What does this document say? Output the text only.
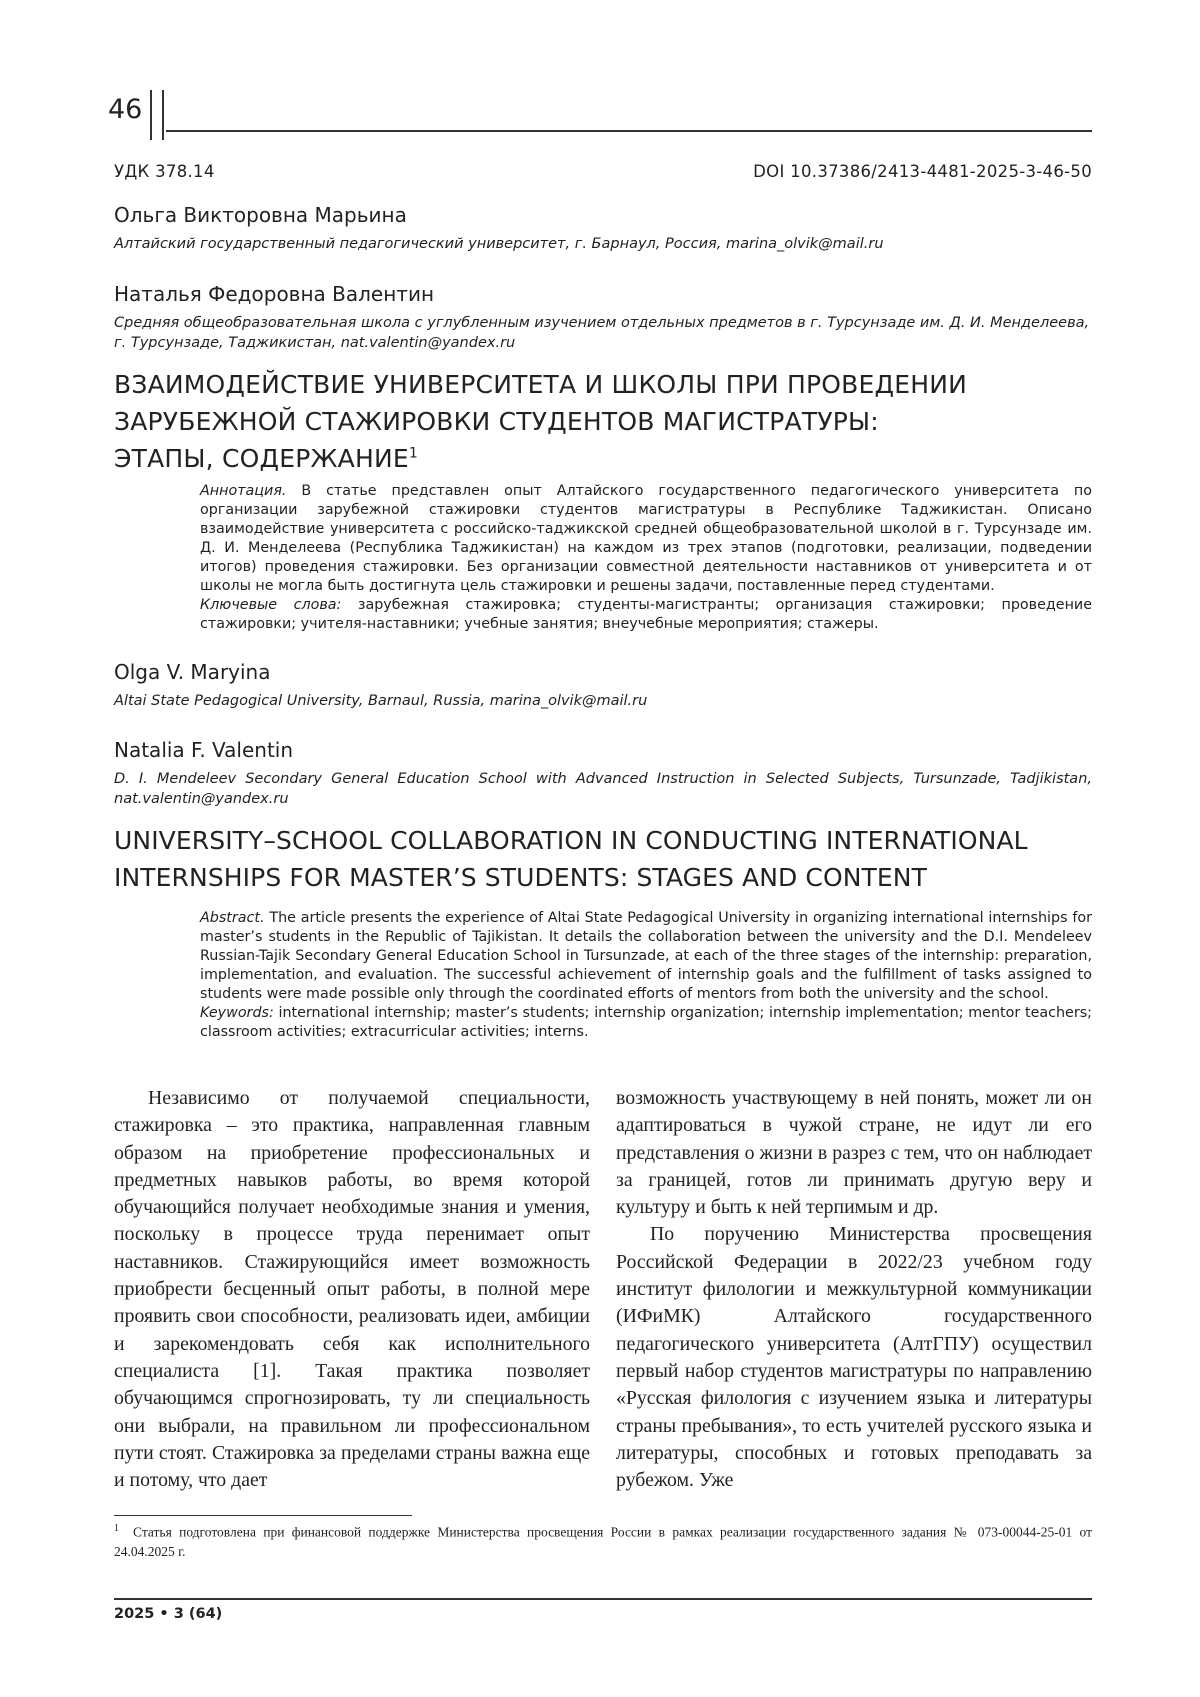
46
УДК 378.14	DOI 10.37386/2413-4481-2025-3-46-50
Ольга Викторовна Марьина
Алтайский государственный педагогический университет, г. Барнаул, Россия, marina_olvik@mail.ru
Наталья Федоровна Валентин
Средняя общеобразовательная школа с углубленным изучением отдельных предметов в г. Турсунзаде им. Д. И. Менделеева, г. Турсунзаде, Таджикистан, nat.valentin@yandex.ru
ВЗАИМОДЕЙСТВИЕ УНИВЕРСИТЕТА И ШКОЛЫ ПРИ ПРОВЕДЕНИИ
ЗАРУБЕЖНОЙ СТАЖИРОВКИ СТУДЕНТОВ МАГИСТРАТУРЫ:
ЭТАПЫ, СОДЕРЖАНИЕ$^1$
Аннотация. В статье представлен опыт Алтайского государственного педагогического университета по организации зарубежной стажировки студентов магистратуры в Республике Таджикистан. Описано взаимодействие университета с российско-таджикской средней общеобразовательной школой в г. Турсунзаде им. Д. И. Менделеева (Республика Таджикистан) на каждом из трех этапов (подготовки, реализации, подведении итогов) проведения стажировки. Без организации совместной деятельности наставников от университета и от школы не могла быть достигнута цель стажировки и решены задачи, поставленные перед студентами.
Ключевые слова: зарубежная стажировка; студенты-магистранты; организация стажировки; проведение стажировки; учителя-наставники; учебные занятия; внеучебные мероприятия; стажеры.
Olga V. Maryina
Altai State Pedagogical University, Barnaul, Russia, marina_olvik@mail.ru
Natalia F. Valentin
D. I. Mendeleev Secondary General Education School with Advanced Instruction in Selected Subjects, Tursunzade, Tadjikistan, nat.valentin@yandex.ru
UNIVERSITY–SCHOOL COLLABORATION IN CONDUCTING INTERNATIONAL
INTERNSHIPS FOR MASTER’S STUDENTS: STAGES AND CONTENT
Abstract. The article presents the experience of Altai State Pedagogical University in organizing international internships for master’s students in the Republic of Tajikistan. It details the collaboration between the university and the D.I. Mendeleev Russian-Tajik Secondary General Education School in Tursunzade, at each of the three stages of the internship: preparation, implementation, and evaluation. The successful achievement of internship goals and the fulfillment of tasks assigned to students were made possible only through the coordinated efforts of mentors from both the university and the school.
Keywords: international internship; master’s students; internship organization; internship implementation; mentor teachers; classroom activities; extracurricular activities; interns.

Независимо от получаемой специальности, стажировка – это практика, направленная главным образом на приобретение профессиональных и предметных навыков работы, во время которой обучающийся получает необходимые знания и умения, поскольку в процессе труда перенимает опыт наставников. Стажирующийся имеет возможность приобрести бесценный опыт работы, в полной мере проявить свои способности, реализовать идеи, амбиции и зарекомендовать себя как исполнительного специалиста [1]. Такая практика позволяет обучающимся спрогнозировать, ту ли специальность они выбрали, на правильном ли профессиональном пути стоят. Стажировка за пределами страны важна еще и потому, что дает

возможность участвующему в ней понять, может ли он адаптироваться в чужой стране, не идут ли его представления о жизни в разрез с тем, что он наблюдает за границей, готов ли принимать другую веру и культуру и быть к ней терпимым и др.

По поручению Министерства просвещения Российской Федерации в 2022/23 учебном году институт филологии и межкультурной коммуникации (ИФиМК) Алтайского государственного педагогического университета (АлтГПУ) осуществил первый набор студентов магистратуры по направлению «Русская филология с изучением языка и литературы страны пребывания», то есть учителей русского языка и литературы, способных и готовых преподавать за рубежом. Уже

$^1$ Статья подготовлена при финансовой поддержке Министерства просвещения России в рамках реализации государственного задания № 073-00044-25-01 от 24.04.2025 г.
2025 • 3 (64)
